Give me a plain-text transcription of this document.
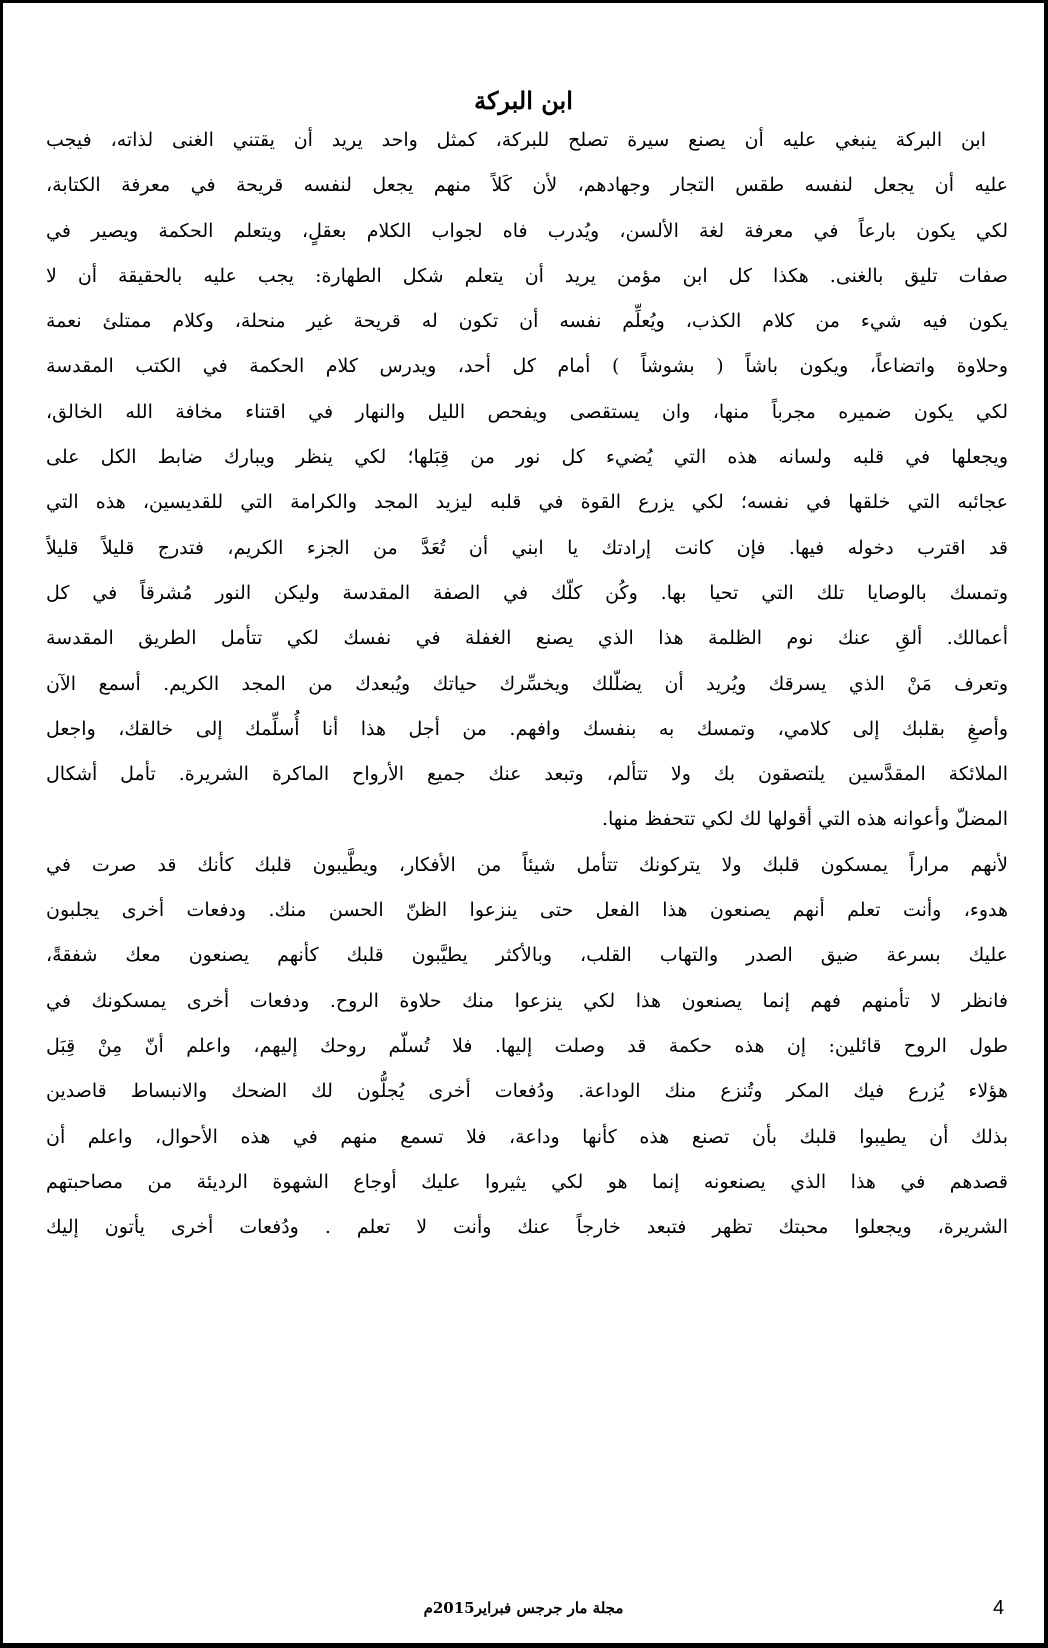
ابن البركة
ابن البركة ينبغي عليه أن يصنع سيرة تصلح للبركة، كمثل واحد يريد أن يقتني الغنى لذاته، فيجب
عليه أن يجعل لنفسه طقس التجار وجهادهم، لأن كَلاً منهم يجعل لنفسه قريحة في معرفة الكتابة،
لكي يكون بارعاً في معرفة لغة الألسن، ويُدرب فاه لجواب الكلام بعقلٍ، ويتعلم الحكمة ويصير في
صفات تليق بالغنى. هكذا كل ابن مؤمن يريد أن يتعلم شكل الطهارة: يجب عليه بالحقيقة أن لا
يكون فيه شيء من كلام الكذب، ويُعلِّم نفسه أن تكون له قريحة غير منحلة، وكلام ممتلئ نعمة
وحلاوة واتضاعاً، ويكون باشاً ( بشوشاً ) أمام كل أحد، ويدرس كلام الحكمة في الكتب المقدسة
لكي يكون ضميره مجرباً منها، وان يستقصى ويفحص الليل والنهار في اقتناء مخافة الله الخالق،
ويجعلها في قلبه ولسانه هذه التي يُضيء كل نور من قِبَلها؛ لكي ينظر ويبارك ضابط الكل على
عجائبه التي خلقها في نفسه؛ لكي يزرع القوة في قلبه ليزيد المجد والكرامة التي للقديسين، هذه التي
قد اقترب دخوله فيها. فإن كانت إرادتك يا ابني أن تُعَدَّ من الجزء الكريم، فتدرج قليلاً قليلاً
وتمسك بالوصايا تلك التي تحيا بها. وكُن كلّك في الصفة المقدسة وليكن النور مُشرقاً في كل
أعمالك. ألقِ عنك نوم الظلمة هذا الذي يصنع الغفلة في نفسك لكي تتأمل الطريق المقدسة
وتعرف مَنْ الذي يسرقك ويُريد أن يضلّلك ويخسِّرك حياتك ويُبعدك من المجد الكريم. أسمع الآن
وأصغِ بقلبك إلى كلامي، وتمسك به بنفسك وافهم. من أجل هذا أنا أُسلِّمك إلى خالقك، واجعل
الملائكة المقدَّسين يلتصقون بك ولا تتألم، وتبعد عنك جميع الأرواح الماكرة الشريرة. تأمل أشكال
المضلّ وأعوانه هذه التي أقولها لك لكي تتحفظ منها.
لأنهم مراراً يمسكون قلبك ولا يتركونك تتأمل شيئاً من الأفكار، ويطَّيبون قلبك كأنك قد صرت في
هدوء، وأنت تعلم أنهم يصنعون هذا الفعل حتى ينزعوا الظنّ الحسن منك. ودفعات أخرى يجلبون
عليك بسرعة ضيق الصدر والتهاب القلب، وبالأكثر يطيَّبون قلبك كأنهم يصنعون معك شفقةً،
فانظر لا تأمنهم فهم إنما يصنعون هذا لكي ينزعوا منك حلاوة الروح. ودفعات أخرى يمسكونك في
طول الروح قائلين: إن هذه حكمة قد وصلت إليها. فلا تُسلّم روحك إليهم، واعلم أنّ مِنْ قِبَل
هؤلاء يُزرع فيك المكر وتُنزع منك الوداعة. ودُفعات أخرى يُجلُّون لك الضحك والانبساط قاصدين
بذلك أن يطيبوا قلبك بأن تصنع هذه كأنها وداعة، فلا تسمع منهم في هذه الأحوال، واعلم أن
قصدهم في هذا الذي يصنعونه إنما هو لكي يثيروا عليك أوجاع الشهوة الرديئة من مصاحبتهم
الشريرة، ويجعلوا محبتك تظهر فتبعد خارجاً عنك وأنت لا تعلم . ودُفعات أخرى يأتون إليك
مجلة مار جرجس فبراير2015م	4
